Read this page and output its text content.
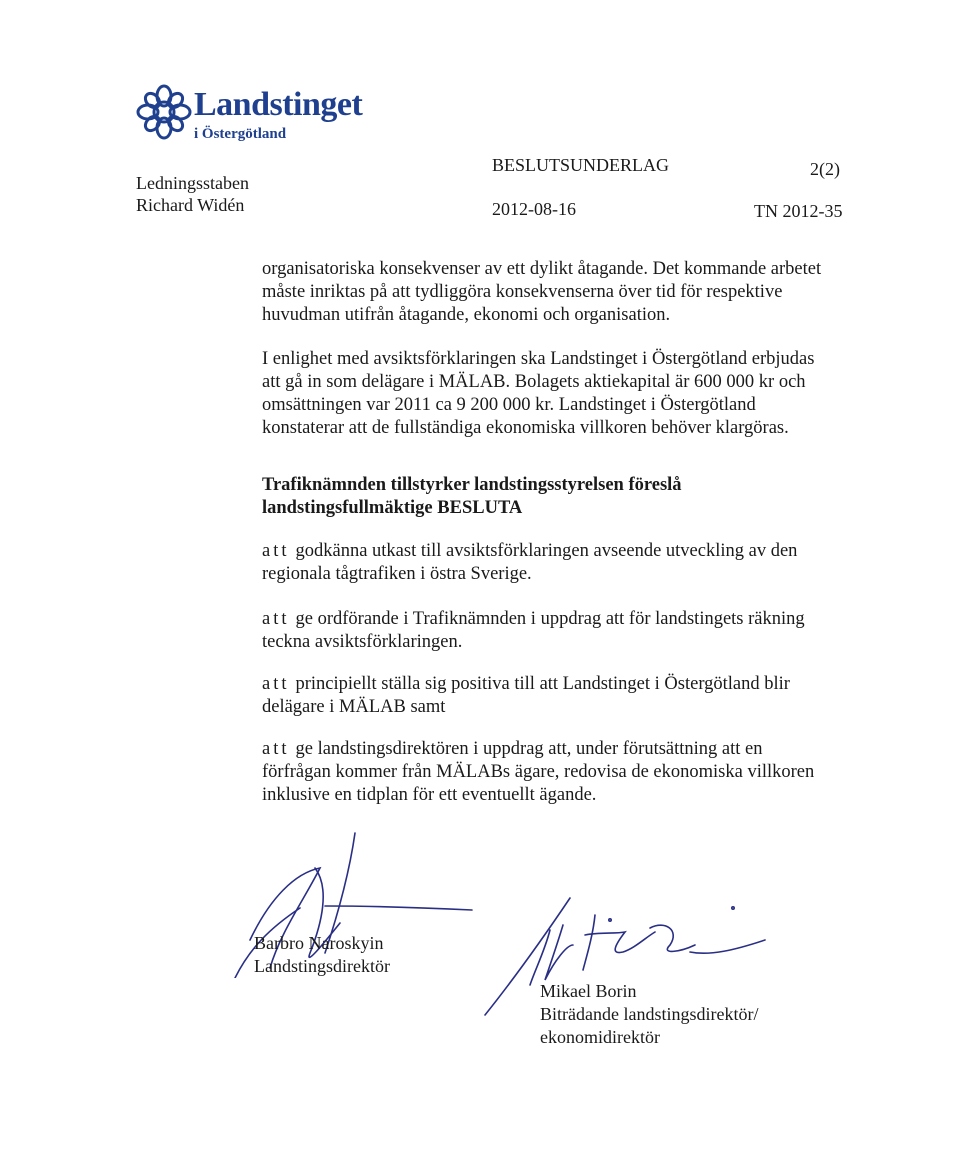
Landstinget
i Östergötland
Ledningsstaben
Richard Widén
BESLUTSUNDERLAG	2(2)
2012-08-16	TN 2012-35
organisatoriska konsekvenser av ett dylikt åtagande. Det kommande arbetet
måste inriktas på att tydliggöra konsekvenserna över tid för respektive
huvudman utifrån åtagande, ekonomi och organisation.
I enlighet med avsiktsförklaringen ska Landstinget i Östergötland erbjudas
att gå in som delägare i MÄLAB. Bolagets aktiekapital är 600 000 kr och
omsättningen var 2011 ca 9 200 000 kr. Landstinget i Östergötland
konstaterar att de fullständiga ekonomiska villkoren behöver klargöras.
Trafiknämnden tillstyrker landstingsstyrelsen föreslå
landstingsfullmäktige BESLUTA
att godkänna utkast till avsiktsförklaringen avseende utveckling av den
regionala tågtrafiken i östra Sverige.
att ge ordförande i Trafiknämnden i uppdrag att för landstingets räkning
teckna avsiktsförklaringen.
att principiellt ställa sig positiva till att Landstinget i Östergötland blir
delägare i MÄLAB samt
att ge landstingsdirektören i uppdrag att, under förutsättning att en
förfrågan kommer från MÄLABs ägare, redovisa de ekonomiska villkoren
inklusive en tidplan för ett eventuellt ägande.
Barbro Naroskyin
Landstingsdirektör
Mikael Borin
Biträdande landstingsdirektör/
ekonomidirektör
